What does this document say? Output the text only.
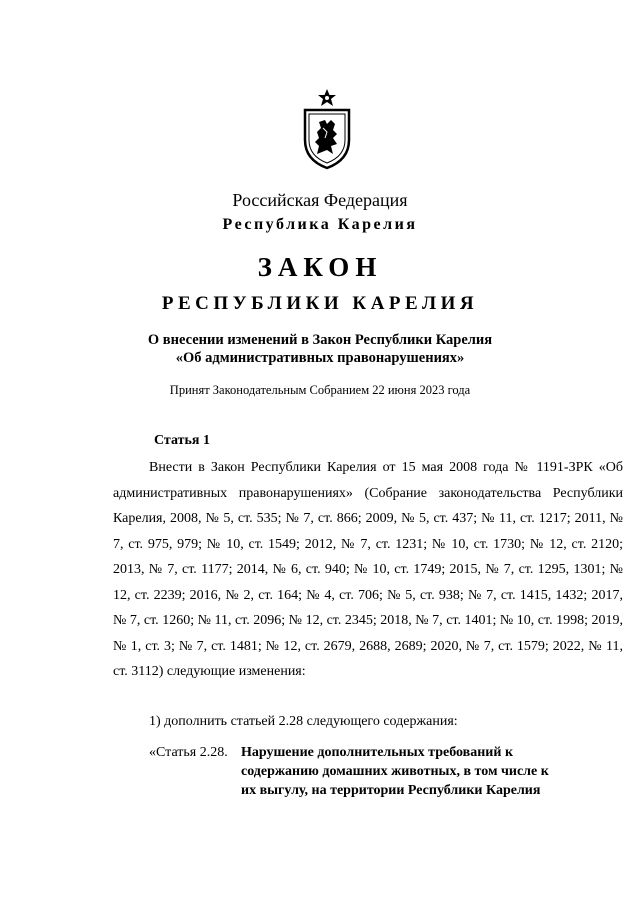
Российская Федерация
Республика Карелия
ЗАКОН
РЕСПУБЛИКИ КАРЕЛИЯ
О внесении изменений в Закон Республики Карелия
«Об административных правонарушениях»
Принят Законодательным Собранием 22 июня 2023 года
Статья 1

Внести в Закон Республики Карелия от 15 мая 2008 года № 1191-ЗРК «Об административных правонарушениях» (Собрание законодательства Республики Карелия, 2008, № 5, ст. 535; № 7, ст. 866; 2009, № 5, ст. 437; № 11, ст. 1217; 2011, № 7, ст. 975, 979; № 10, ст. 1549; 2012, № 7, ст. 1231; № 10, ст. 1730; № 12, ст. 2120; 2013, № 7, ст. 1177; 2014, № 6, ст. 940; № 10, ст. 1749; 2015, № 7, ст. 1295, 1301; № 12, ст. 2239; 2016, № 2, ст. 164; № 4, ст. 706; № 5, ст. 938; № 7, ст. 1415, 1432; 2017, № 7, ст. 1260; № 11, ст. 2096; № 12, ст. 2345; 2018, № 7, ст. 1401; № 10, ст. 1998; 2019, № 1, ст. 3; № 7, ст. 1481; № 12, ст. 2679, 2688, 2689; 2020, № 7, ст. 1579; 2022, № 11, ст. 3112) следующие изменения:

1) дополнить статьей 2.28 следующего содержания:
«Статья 2.28. Нарушение дополнительных требований к содержанию домашних животных, в том числе к их выгулу, на территории Республики Карелия
